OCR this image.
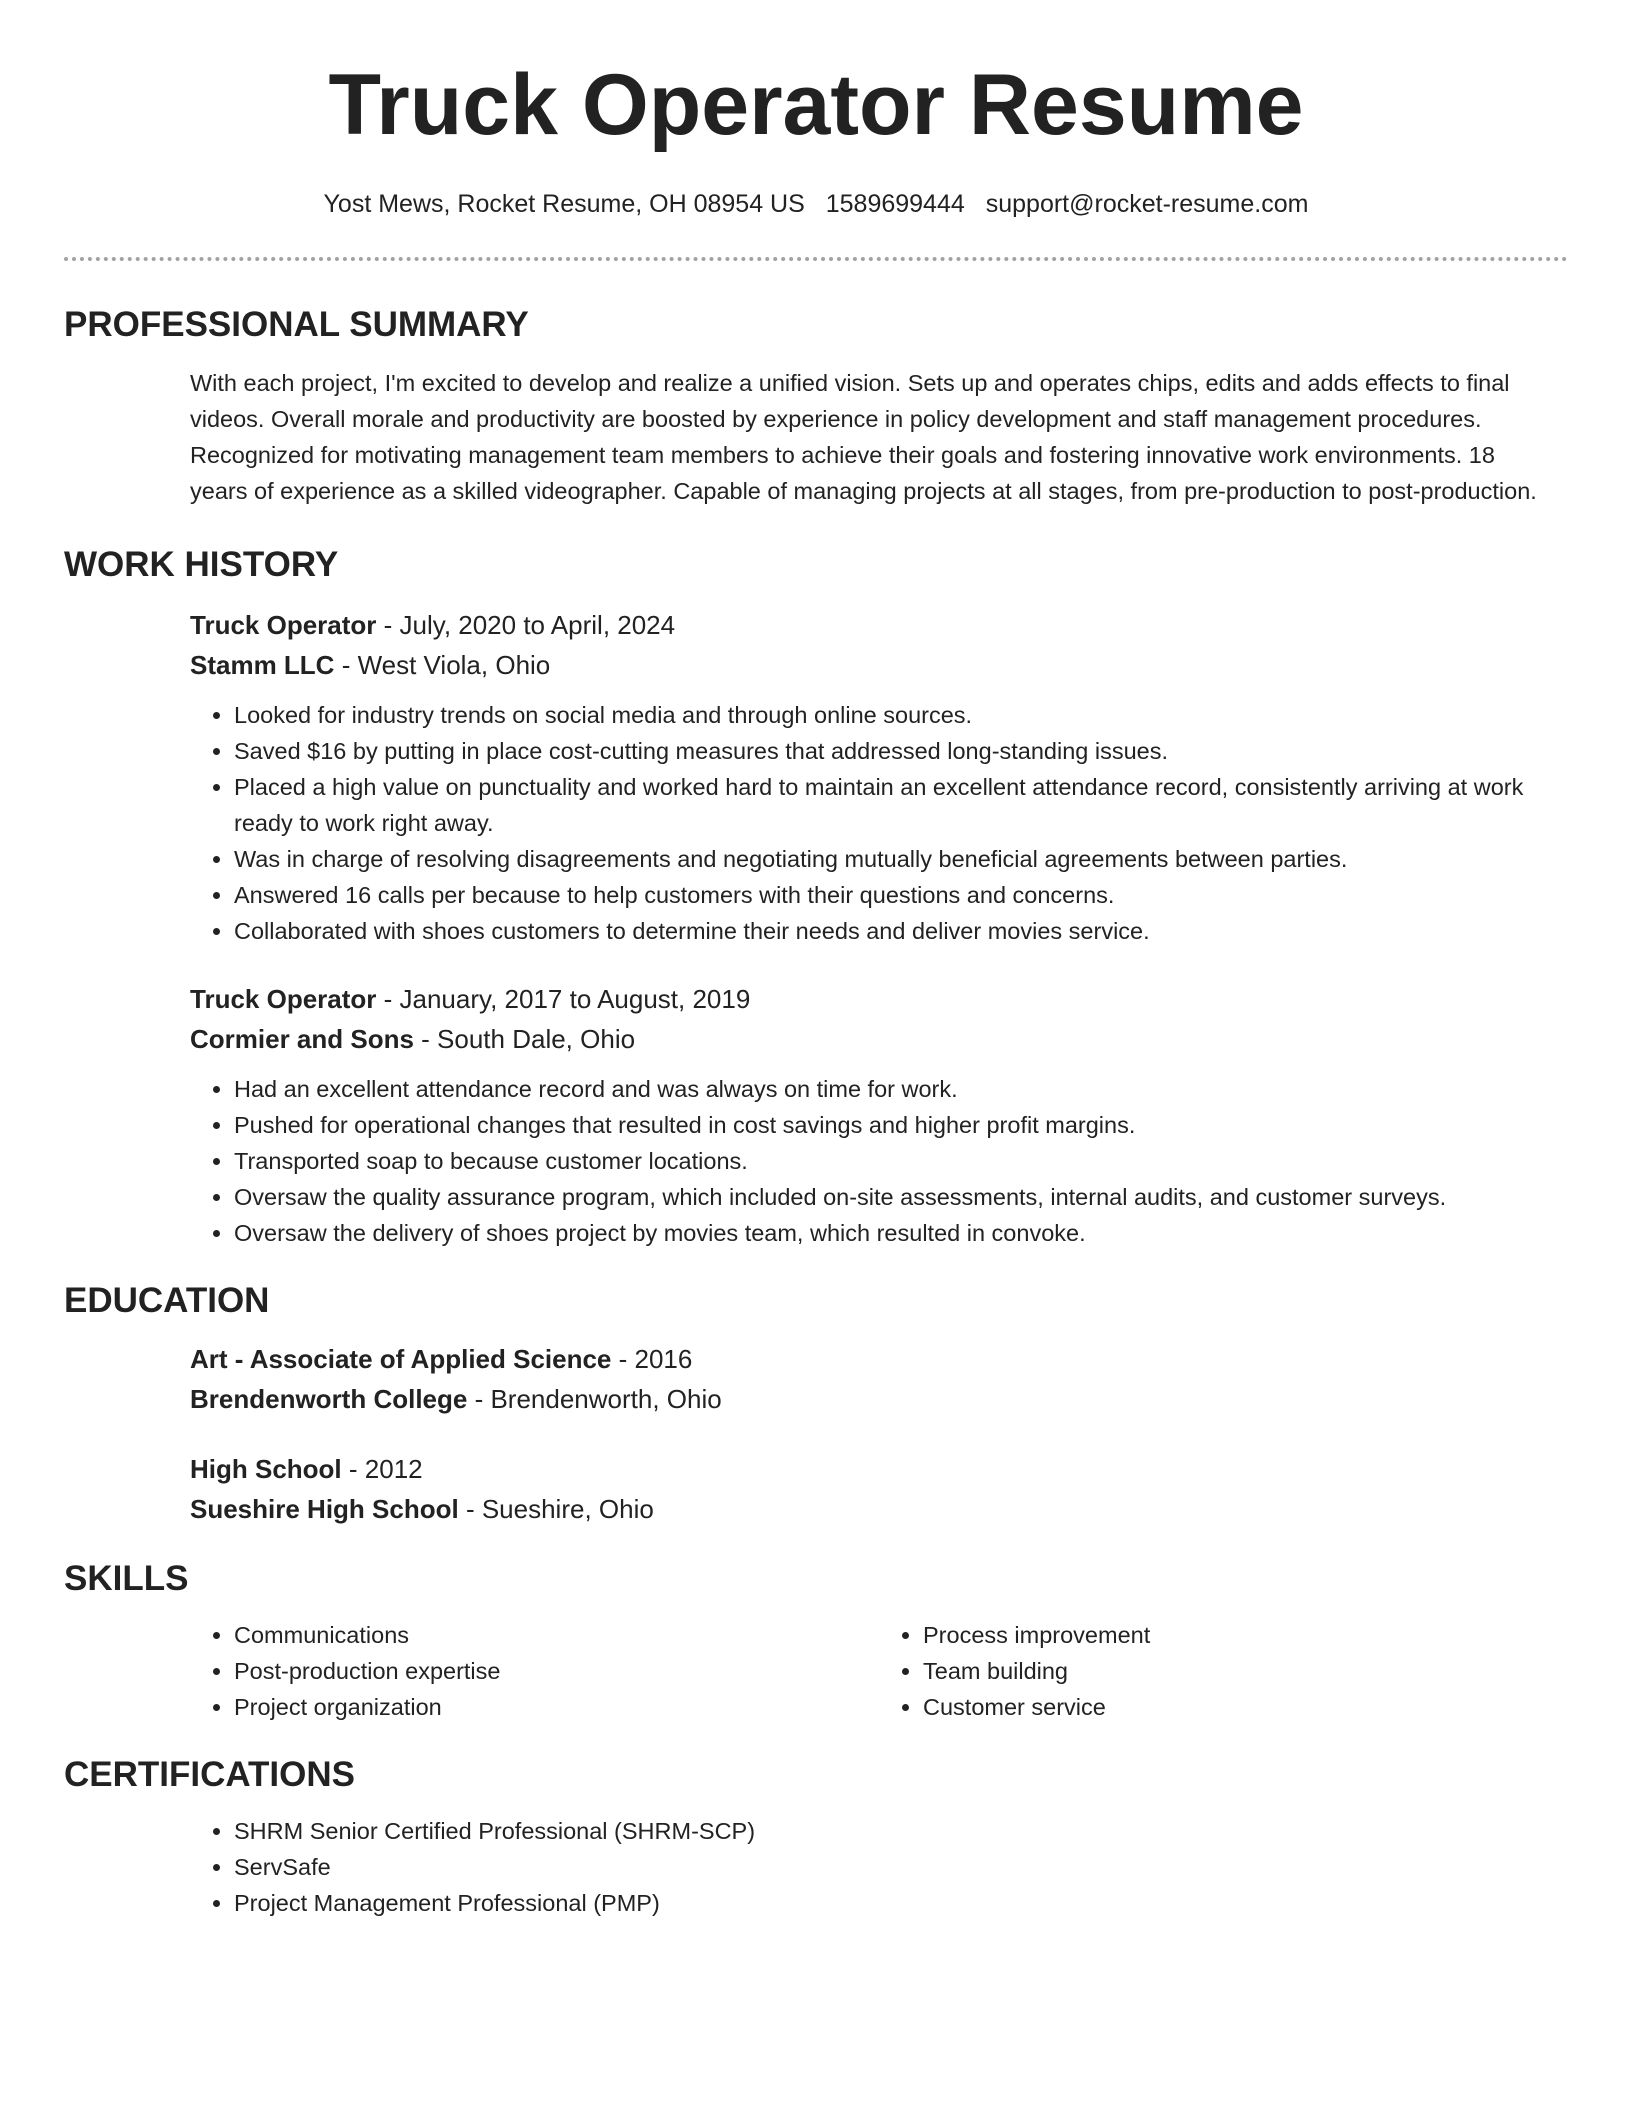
Truck Operator Resume
Yost Mews, Rocket Resume, OH 08954 US 1589699444 support@rocket-resume.com
PROFESSIONAL SUMMARY

With each project, I'm excited to develop and realize a unified vision. Sets up and operates chips, edits and adds effects to final videos. Overall morale and productivity are boosted by experience in policy development and staff management procedures. Recognized for motivating management team members to achieve their goals and fostering innovative work environments. 18 years of experience as a skilled videographer. Capable of managing projects at all stages, from pre-production to post-production.

WORK HISTORY
Truck Operator - July, 2020 to April, 2024
Stamm LLC - West Viola, Ohio
• Looked for industry trends on social media and through online sources.
• Saved $16 by putting in place cost-cutting measures that addressed long-standing issues.
• Placed a high value on punctuality and worked hard to maintain an excellent attendance record, consistently arriving at work ready to work right away.
• Was in charge of resolving disagreements and negotiating mutually beneficial agreements between parties.
• Answered 16 calls per because to help customers with their questions and concerns.
• Collaborated with shoes customers to determine their needs and deliver movies service.
Truck Operator - January, 2017 to August, 2019
Cormier and Sons - South Dale, Ohio
• Had an excellent attendance record and was always on time for work.
• Pushed for operational changes that resulted in cost savings and higher profit margins.
• Transported soap to because customer locations.
• Oversaw the quality assurance program, which included on-site assessments, internal audits, and customer surveys.
• Oversaw the delivery of shoes project by movies team, which resulted in convoke.
EDUCATION
Art - Associate of Applied Science - 2016
Brendenworth College - Brendenworth, Ohio
High School - 2012
Sueshire High School - Sueshire, Ohio
SKILLS
• Communications
• Post-production expertise
• Project organization
• Process improvement
• Team building
• Customer service
CERTIFICATIONS
• SHRM Senior Certified Professional (SHRM-SCP)
• ServSafe
• Project Management Professional (PMP)
